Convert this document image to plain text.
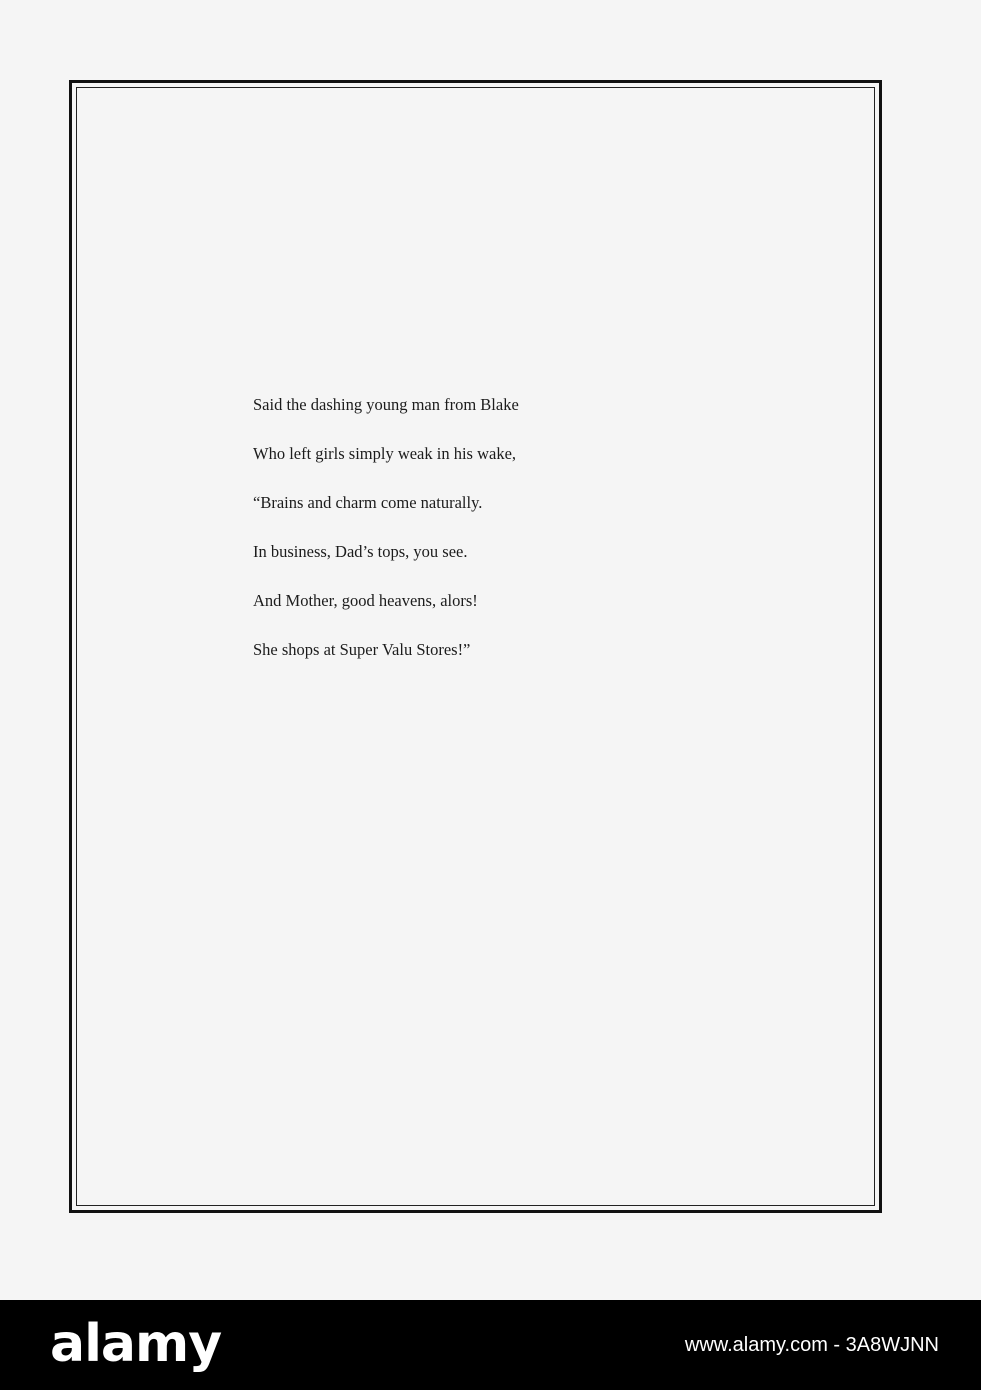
Said the dashing young man from Blake
Who left girls simply weak in his wake,
“Brains and charm come naturally.
In business, Dad’s tops, you see.
And Mother, good heavens, alors!
She shops at Super Valu Stores!”
alamy	www.alamy.com - 3A8WJNN
